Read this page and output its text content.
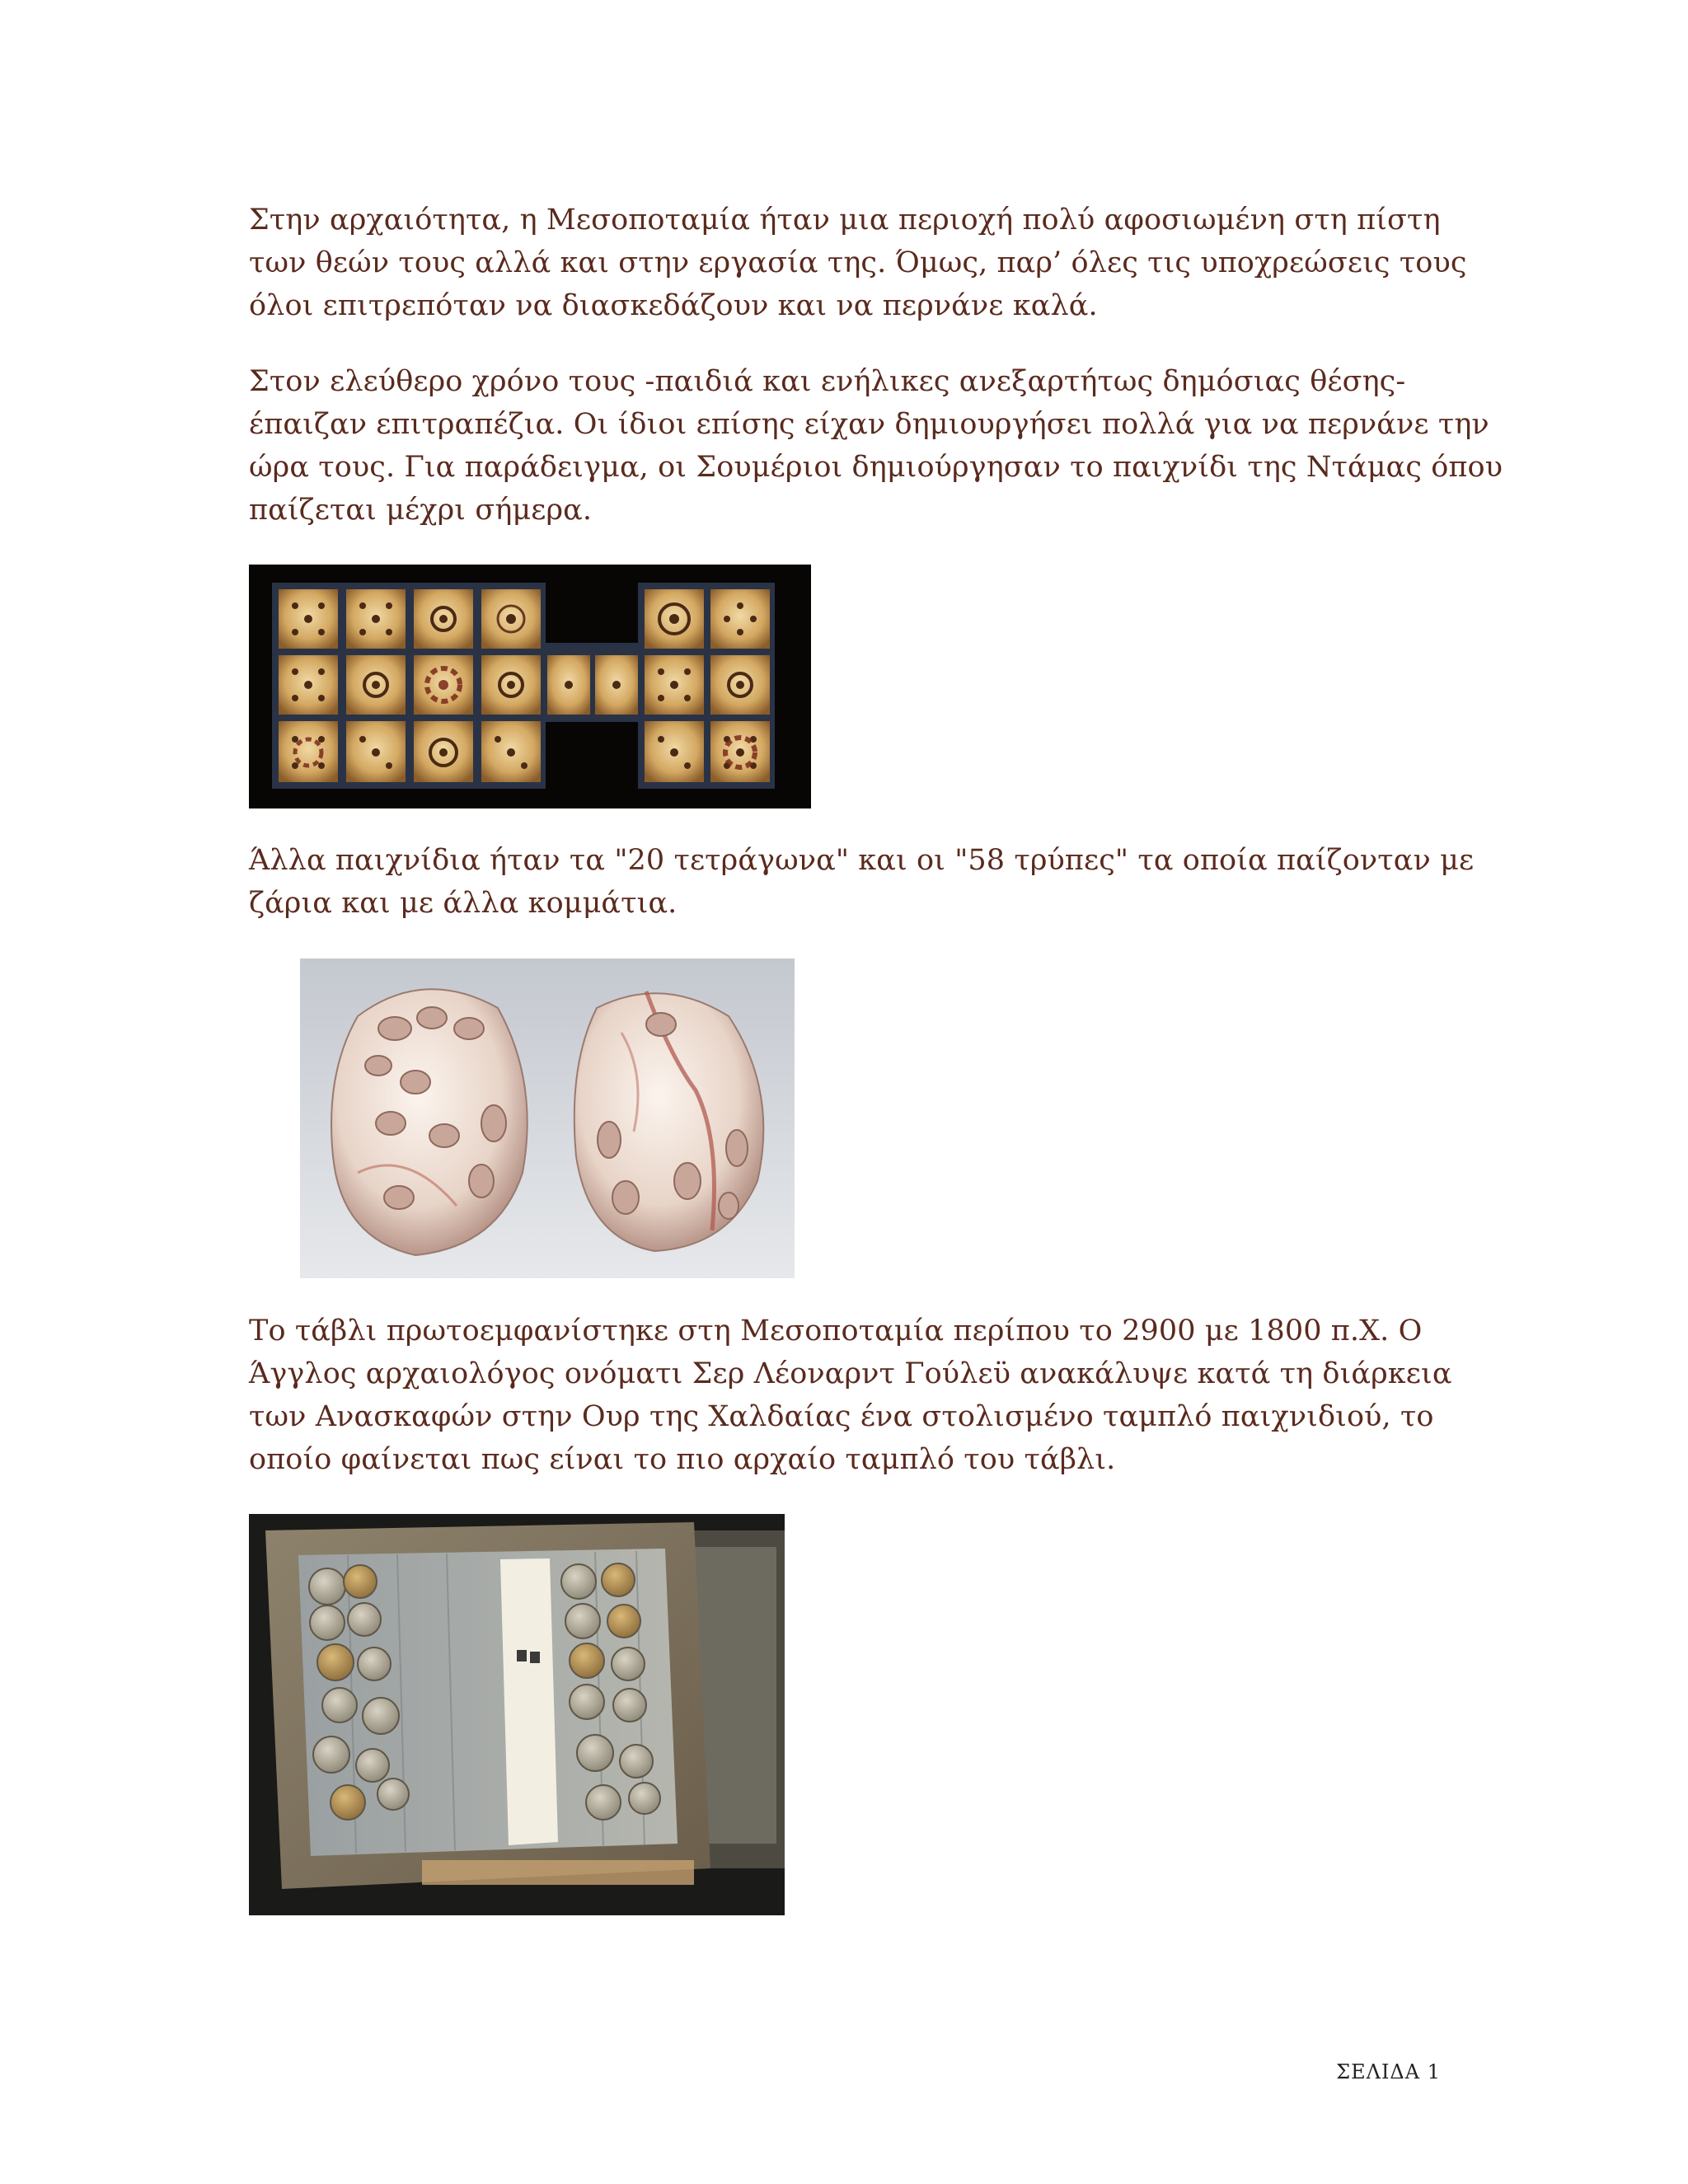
Στην αρχαιότητα, η Μεσοποταμία ήταν μια περιοχή πολύ αφοσιωμένη στη πίστη
των θεών τους αλλά και στην εργασία της. Όμως, παρ’ όλες τις υποχρεώσεις τους
όλοι επιτρεπόταν να διασκεδάζουν και να περνάνε καλά.

Στον ελεύθερο χρόνο τους -παιδιά και ενήλικες ανεξαρτήτως δημόσιας θέσης-
έπαιζαν επιτραπέζια. Οι ίδιοι επίσης είχαν δημιουργήσει πολλά για να περνάνε την
ώρα τους. Για παράδειγμα, οι Σουμέριοι δημιούργησαν το παιχνίδι της Ντάμας όπου
παίζεται μέχρι σήμερα.

Άλλα παιχνίδια ήταν τα "20 τετράγωνα" και οι "58 τρύπες" τα οποία παίζονταν με
ζάρια και με άλλα κομμάτια.

Το τάβλι πρωτοεμφανίστηκε στη Μεσοποταμία περίπου το 2900 με 1800 π.Χ. Ο
Άγγλος αρχαιολόγος ονόματι Σερ Λέοναρντ Γούλεϋ ανακάλυψε κατά τη διάρκεια
των Ανασκαφών στην Ουρ της Χαλδαίας ένα στολισμένο ταμπλό παιχνιδιού, το
οποίο φαίνεται πως είναι το πιο αρχαίο ταμπλό του τάβλι.

ΣΕΛΙΔΑ 1
